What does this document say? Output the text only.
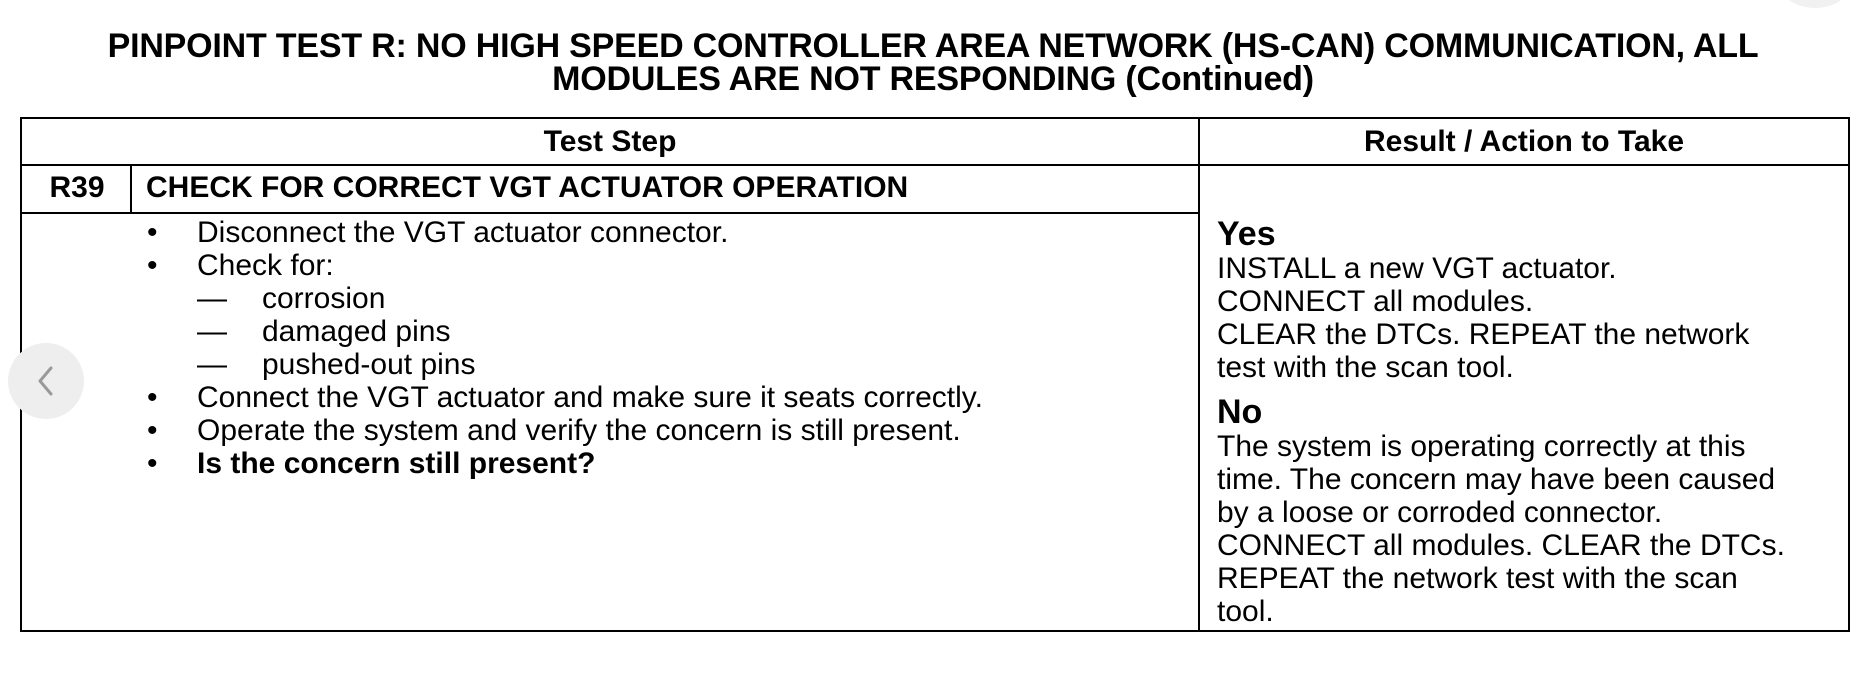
PINPOINT TEST R: NO HIGH SPEED CONTROLLER AREA NETWORK (HS-CAN) COMMUNICATION, ALL
MODULES ARE NOT RESPONDING (Continued)
Test Step	Result / Action to Take
R39	CHECK FOR CORRECT VGT ACTUATOR OPERATION
•	Disconnect the VGT actuator connector.
•	Check for:
—	corrosion
—	damaged pins
—	pushed-out pins
•	Connect the VGT actuator and make sure it seats correctly.
•	Operate the system and verify the concern is still present.
•	Is the concern still present?
Yes
INSTALL a new VGT actuator.
CONNECT all modules.
CLEAR the DTCs. REPEAT the network
test with the scan tool.
No
The system is operating correctly at this
time. The concern may have been caused
by a loose or corroded connector.
CONNECT all modules. CLEAR the DTCs.
REPEAT the network test with the scan
tool.
